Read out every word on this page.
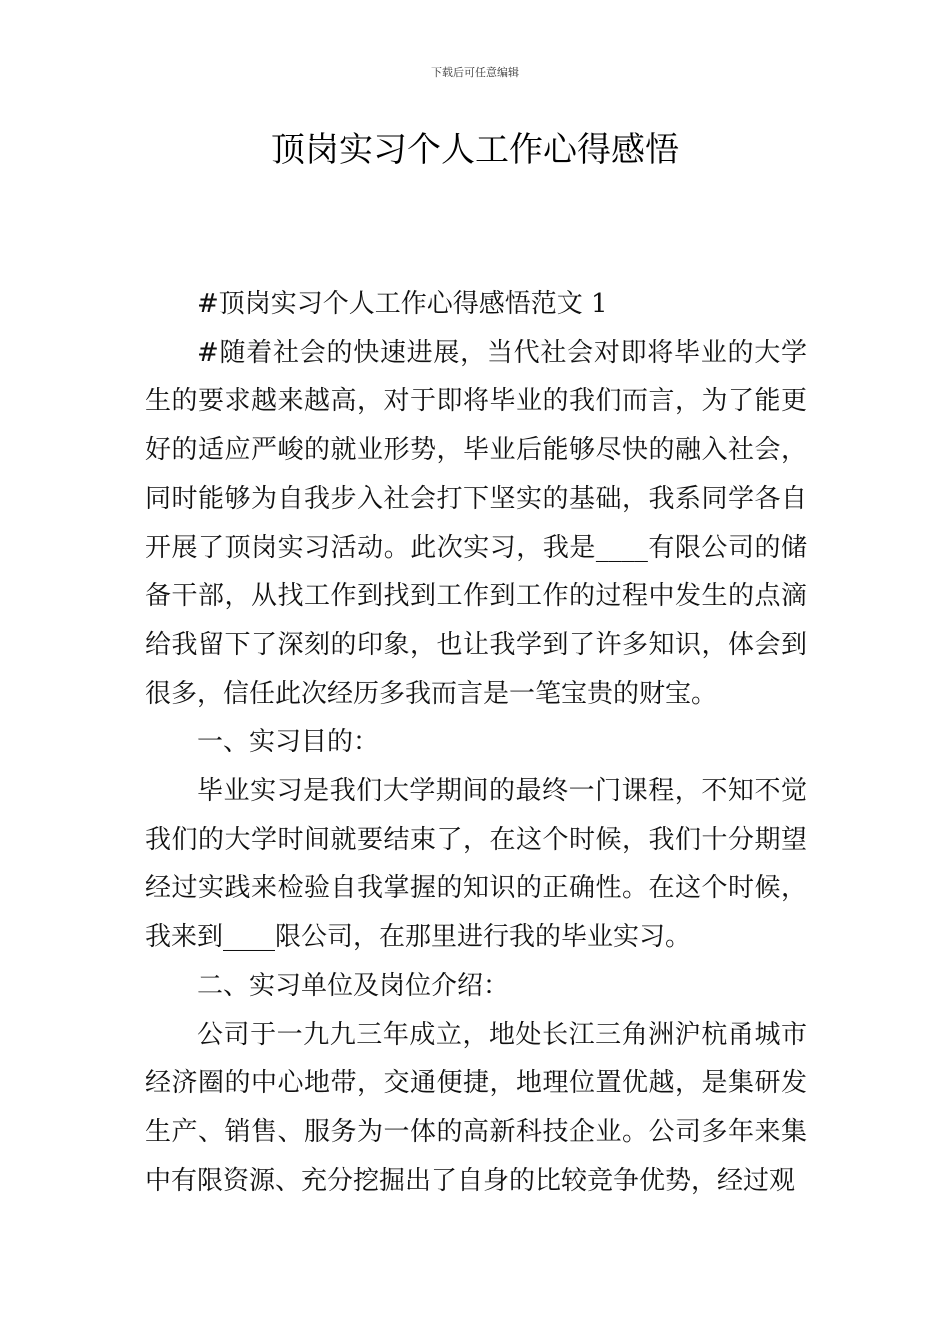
下载后可任意编辑
顶岗实习个人工作心得感悟

#顶岗实习个人工作心得感悟范文 1

#随着社会的快速进展，当代社会对即将毕业的大学生的要求越来越高，对于即将毕业的我们而言，为了能更好的适应严峻的就业形势，毕业后能够尽快的融入社会，同时能够为自我步入社会打下坚实的基础，我系同学各自开展了顶岗实习活动。此次实习，我是____有限公司的储备干部，从找工作到找到工作到工作的过程中发生的点滴给我留下了深刻的印象，也让我学到了许多知识，体会到很多，信任此次经历多我而言是一笔宝贵的财宝。

一、实习目的：

毕业实习是我们大学期间的最终一门课程，不知不觉我们的大学时间就要结束了，在这个时候，我们十分期望经过实践来检验自我掌握的知识的正确性。在这个时候，我来到____限公司，在那里进行我的毕业实习。

二、实习单位及岗位介绍：

公司于一九九三年成立，地处长江三角洲沪杭甬城市经济圈的中心地带，交通便捷，地理位置优越，是集研发生产、销售、服务为一体的高新科技企业。公司多年来集中有限资源、充分挖掘出了自身的比较竞争优势，经过观
